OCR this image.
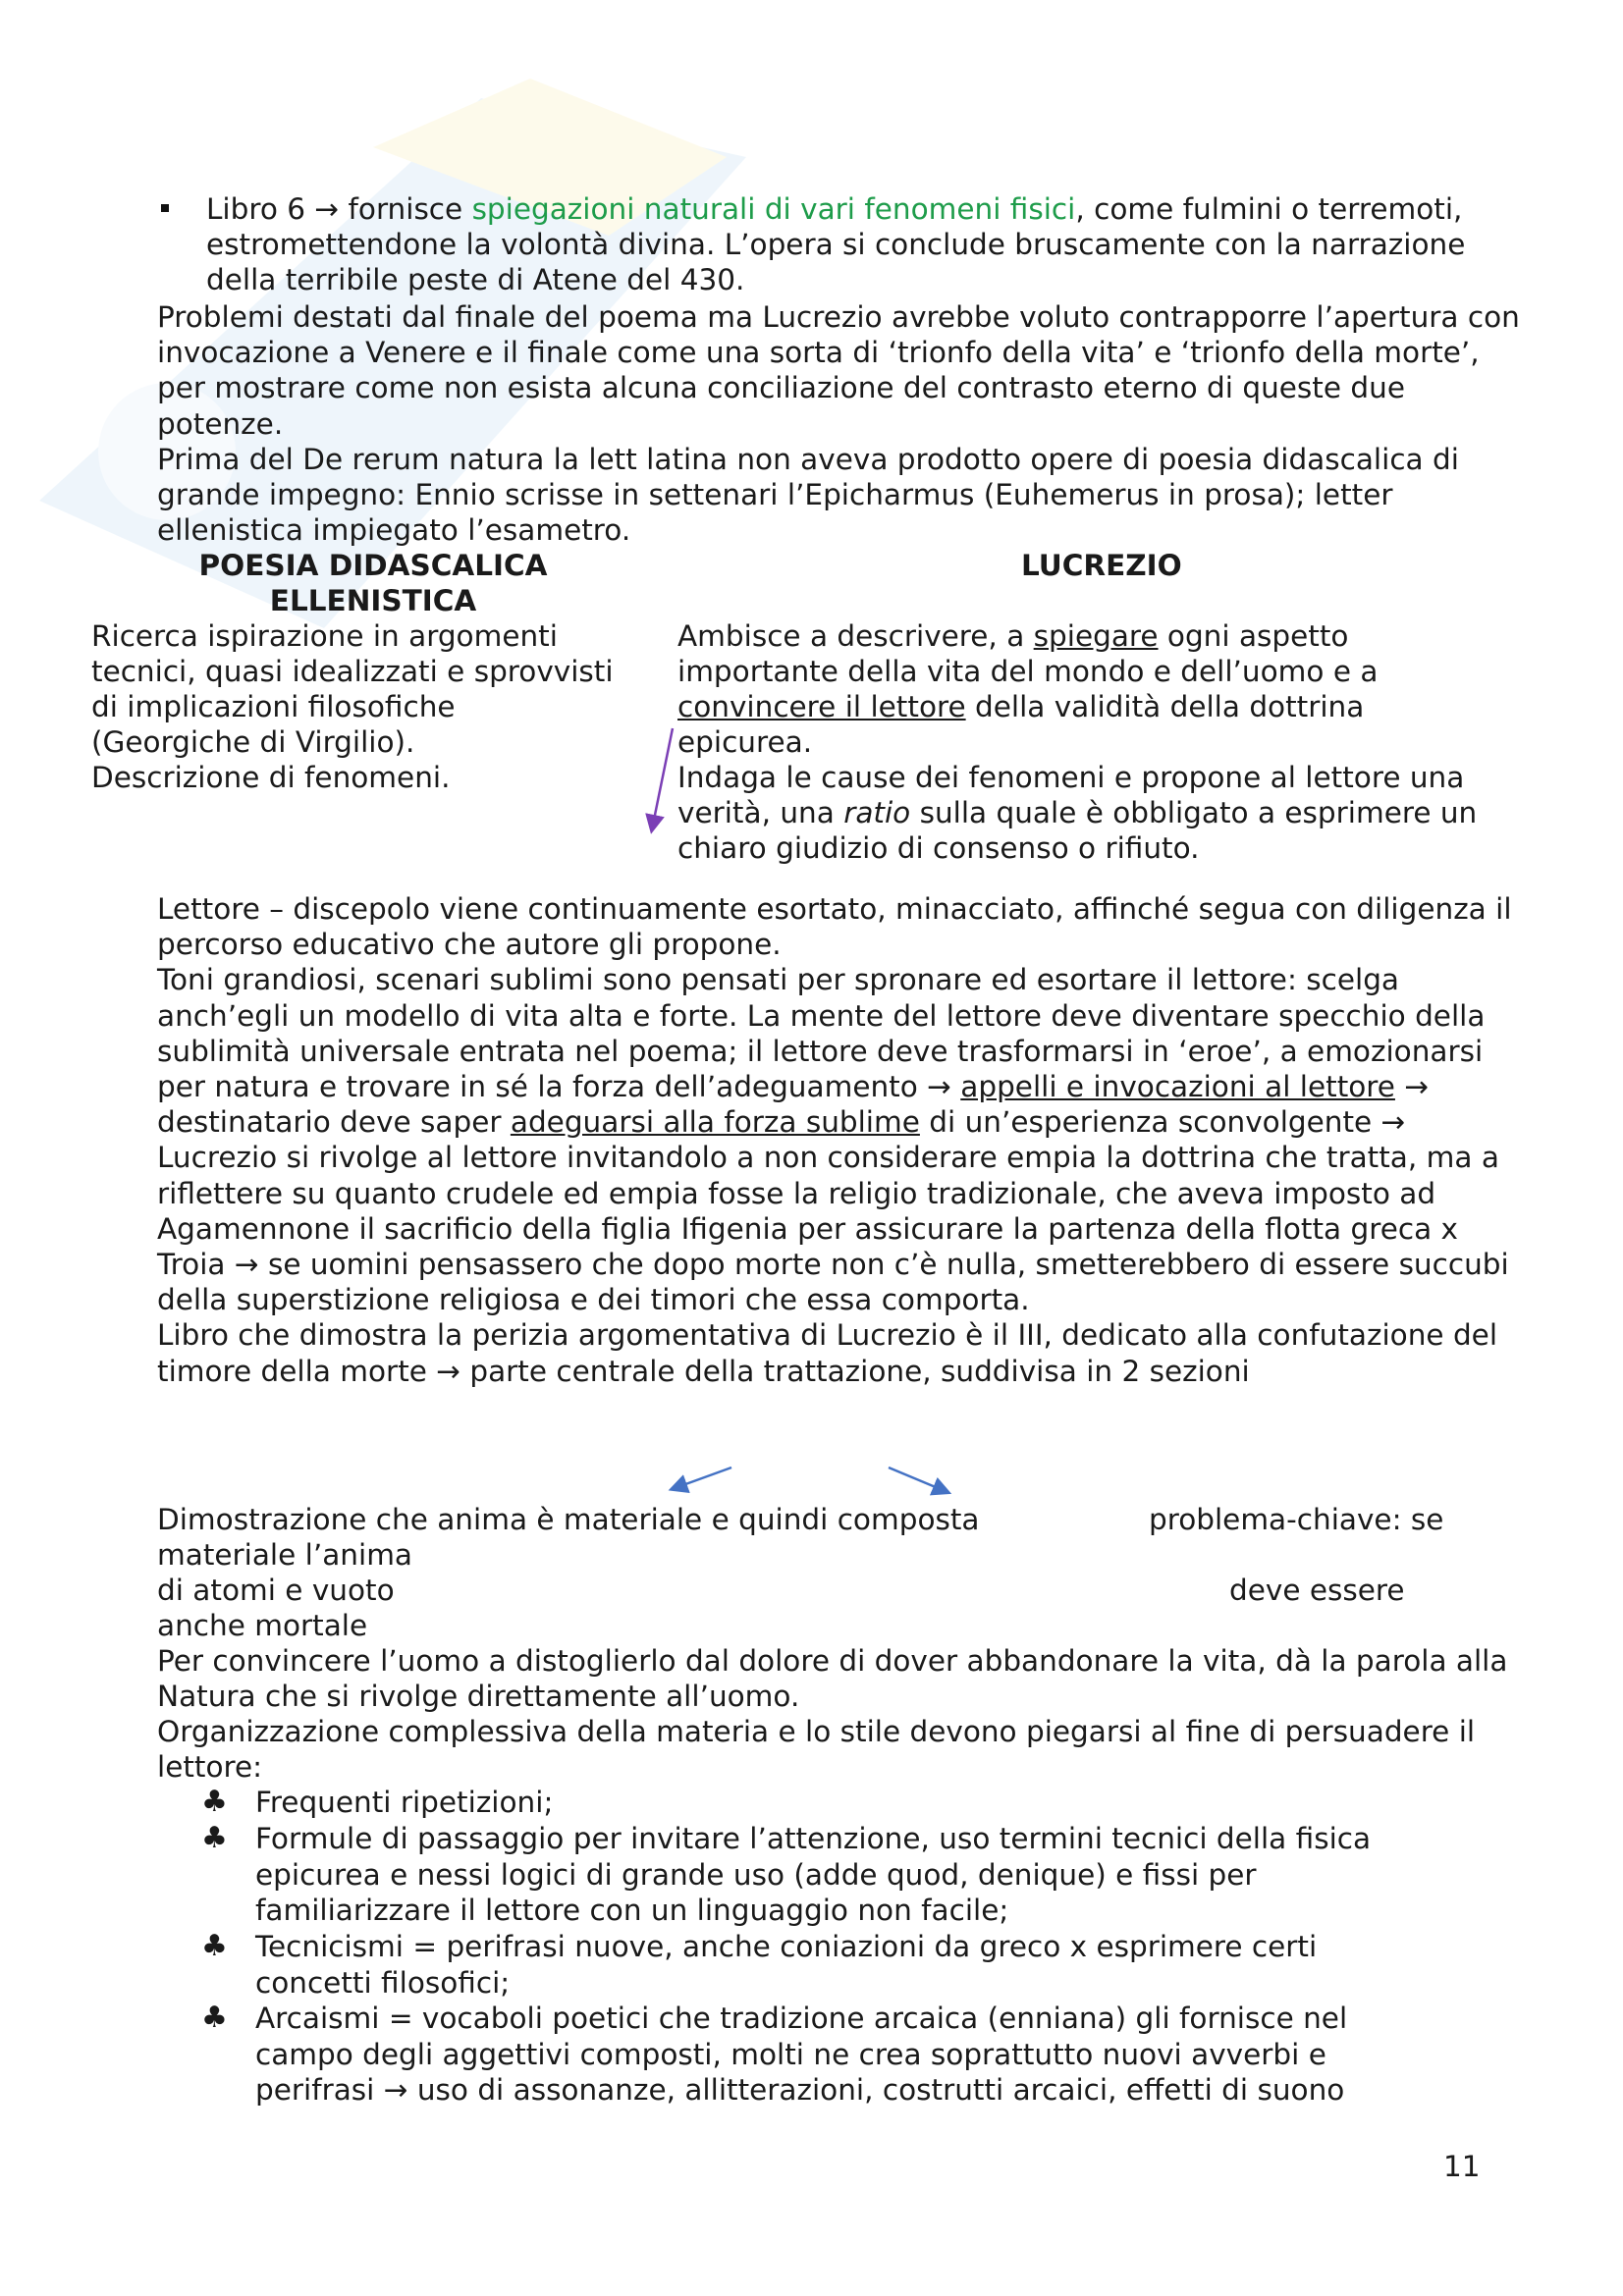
Libro 6 → fornisce spiegazioni naturali di vari fenomeni fisici, come fulmini o terremoti, estromettendone la volontà divina. L’opera si conclude bruscamente con la narrazione della terribile peste di Atene del 430.

Problemi destati dal finale del poema ma Lucrezio avrebbe voluto contrapporre l’apertura con invocazione a Venere e il finale come una sorta di ‘trionfo della vita’ e ‘trionfo della morte’, per mostrare come non esista alcuna conciliazione del contrasto eterno di queste due potenze.

Prima del De rerum natura la lett latina non aveva prodotto opere di poesia didascalica di grande impegno: Ennio scrisse in settenari l’Epicharmus (Euhemerus in prosa); letter ellenistica impiegato l’esametro.

POESIA DIDASCALICA
ELLENISTICA
LUCREZIO
Ricerca ispirazione in argomenti
tecnici, quasi idealizzati e sprovvisti
di implicazioni filosofiche
(Georgiche di Virgilio).
Descrizione di fenomeni.
Ambisce a descrivere, a spiegare ogni aspetto
importante della vita del mondo e dell’uomo e a
convincere il lettore della validità della dottrina
epicurea.
Indaga le cause dei fenomeni e propone al lettore una
verità, una ratio sulla quale è obbligato a esprimere un
chiaro giudizio di consenso o rifiuto.

Lettore – discepolo viene continuamente esortato, minacciato, affinché segua con diligenza il percorso educativo che autore gli propone.

Toni grandiosi, scenari sublimi sono pensati per spronare ed esortare il lettore: scelga anch’egli un modello di vita alta e forte. La mente del lettore deve diventare specchio della sublimità universale entrata nel poema; il lettore deve trasformarsi in ‘eroe’, a emozionarsi per natura e trovare in sé la forza dell’adeguamento → appelli e invocazioni al lettore → destinatario deve saper adeguarsi alla forza sublime di un’esperienza sconvolgente → Lucrezio si rivolge al lettore invitandolo a non considerare empia la dottrina che tratta, ma a riflettere su quanto crudele ed empia fosse la religio tradizionale, che aveva imposto ad Agamennone il sacrificio della figlia Ifigenia per assicurare la partenza della flotta greca x Troia → se uomini pensassero che dopo morte non c’è nulla, smetterebbero di essere succubi della superstizione religiosa e dei timori che essa comporta.

Libro che dimostra la perizia argomentativa di Lucrezio è il III, dedicato alla confutazione del timore della morte → parte centrale della trattazione, suddivisa in 2 sezioni

Dimostrazione che anima è materiale e quindi composta	problema-chiave: se
materiale l’anima
di atomi e vuoto	deve essere
anche mortale

Per convincere l’uomo a distoglierlo dal dolore di dover abbandonare la vita, dà la parola alla Natura che si rivolge direttamente all’uomo.

Organizzazione complessiva della materia e lo stile devono piegarsi al fine di persuadere il lettore:

♣ Frequenti ripetizioni;
♣ Formule di passaggio per invitare l’attenzione, uso termini tecnici della fisica epicurea e nessi logici di grande uso (adde quod, denique) e fissi per familiarizzare il lettore con un linguaggio non facile;
♣ Tecnicismi = perifrasi nuove, anche coniazioni da greco x esprimere certi concetti filosofici;
♣ Arcaismi = vocaboli poetici che tradizione arcaica (enniana) gli fornisce nel campo degli aggettivi composti, molti ne crea soprattutto nuovi avverbi e perifrasi → uso di assonanze, allitterazioni, costrutti arcaici, effetti di suono
11
